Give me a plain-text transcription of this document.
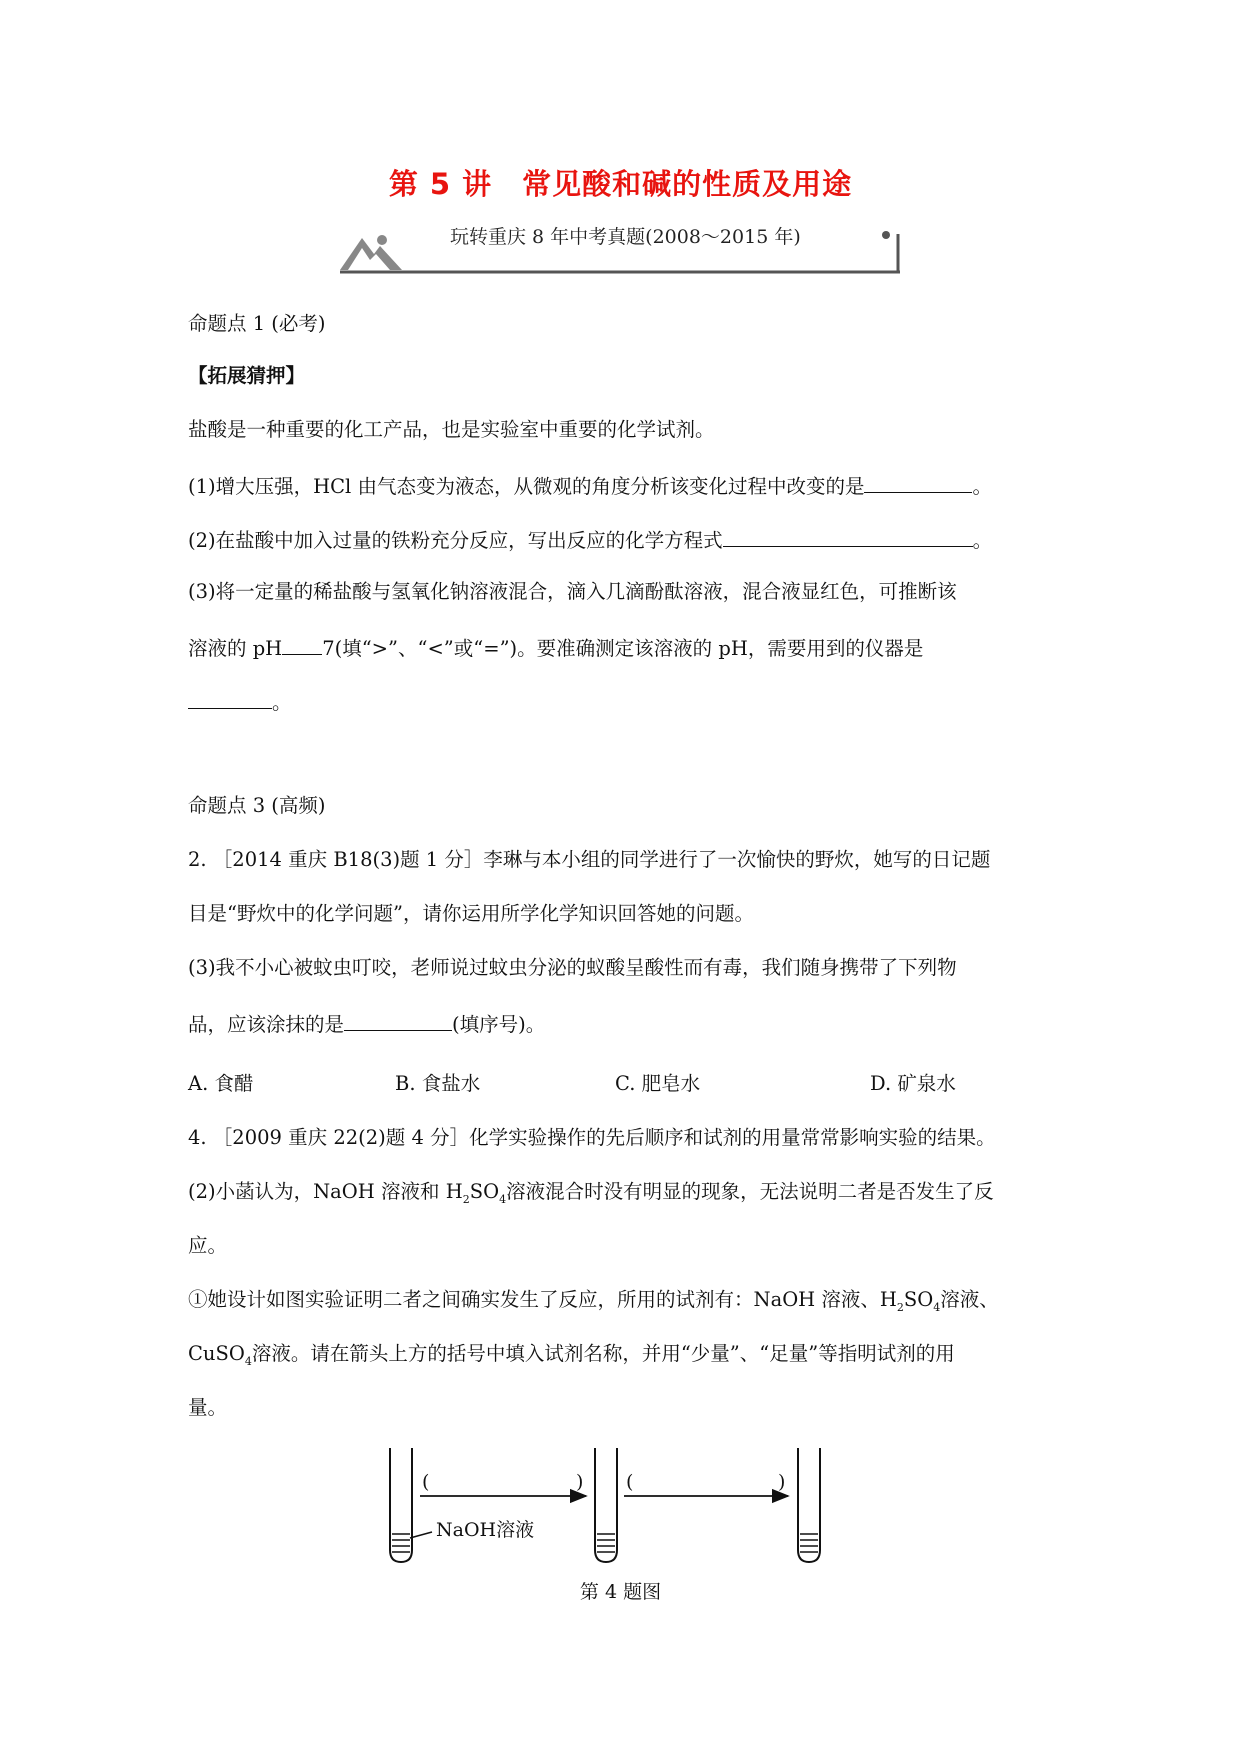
第 5 讲　常见酸和碱的性质及用途
玩转重庆 8 年中考真题(2008～2015 年)
命题点 1 (必考)
【拓展猜押】
盐酸是一种重要的化工产品，也是实验室中重要的化学试剂。
(1)增大压强，HCl 由气态变为液态，从微观的角度分析该变化过程中改变的是	。
(2)在盐酸中加入过量的铁粉充分反应，写出反应的化学方程式	。
(3)将一定量的稀盐酸与氢氧化钠溶液混合，滴入几滴酚酞溶液，混合液显红色，可推断该
溶液的 pH 7(填“>”、“<”或“=”)。要准确测定该溶液的 pH，需要用到的仪器是
。
命题点 3 (高频)
2. ［2014 重庆 B18(3)题 1 分］李琳与本小组的同学进行了一次愉快的野炊，她写的日记题
目是“野炊中的化学问题”，请你运用所学化学知识回答她的问题。
(3)我不小心被蚊虫叮咬，老师说过蚊虫分泌的蚁酸呈酸性而有毒，我们随身携带了下列物
品，应该涂抹的是	(填序号)。
A. 食醋	B. 食盐水	C. 肥皂水	D. 矿泉水
4. ［2009 重庆 22(2)题 4 分］化学实验操作的先后顺序和试剂的用量常常影响实验的结果。
(2)小菡认为，NaOH 溶液和 $H_2SO_4$溶液混合时没有明显的现象，无法说明二者是否发生了反
应。
①她设计如图实验证明二者之间确实发生了反应，所用的试剂有：NaOH 溶液、$H_2SO_4$溶液、
CuSO$_4$溶液。请在箭头上方的括号中填入试剂名称，并用“少量”、“足量”等指明试剂的用
量。
NaOH溶液
(	) (	)
第 4 题图
